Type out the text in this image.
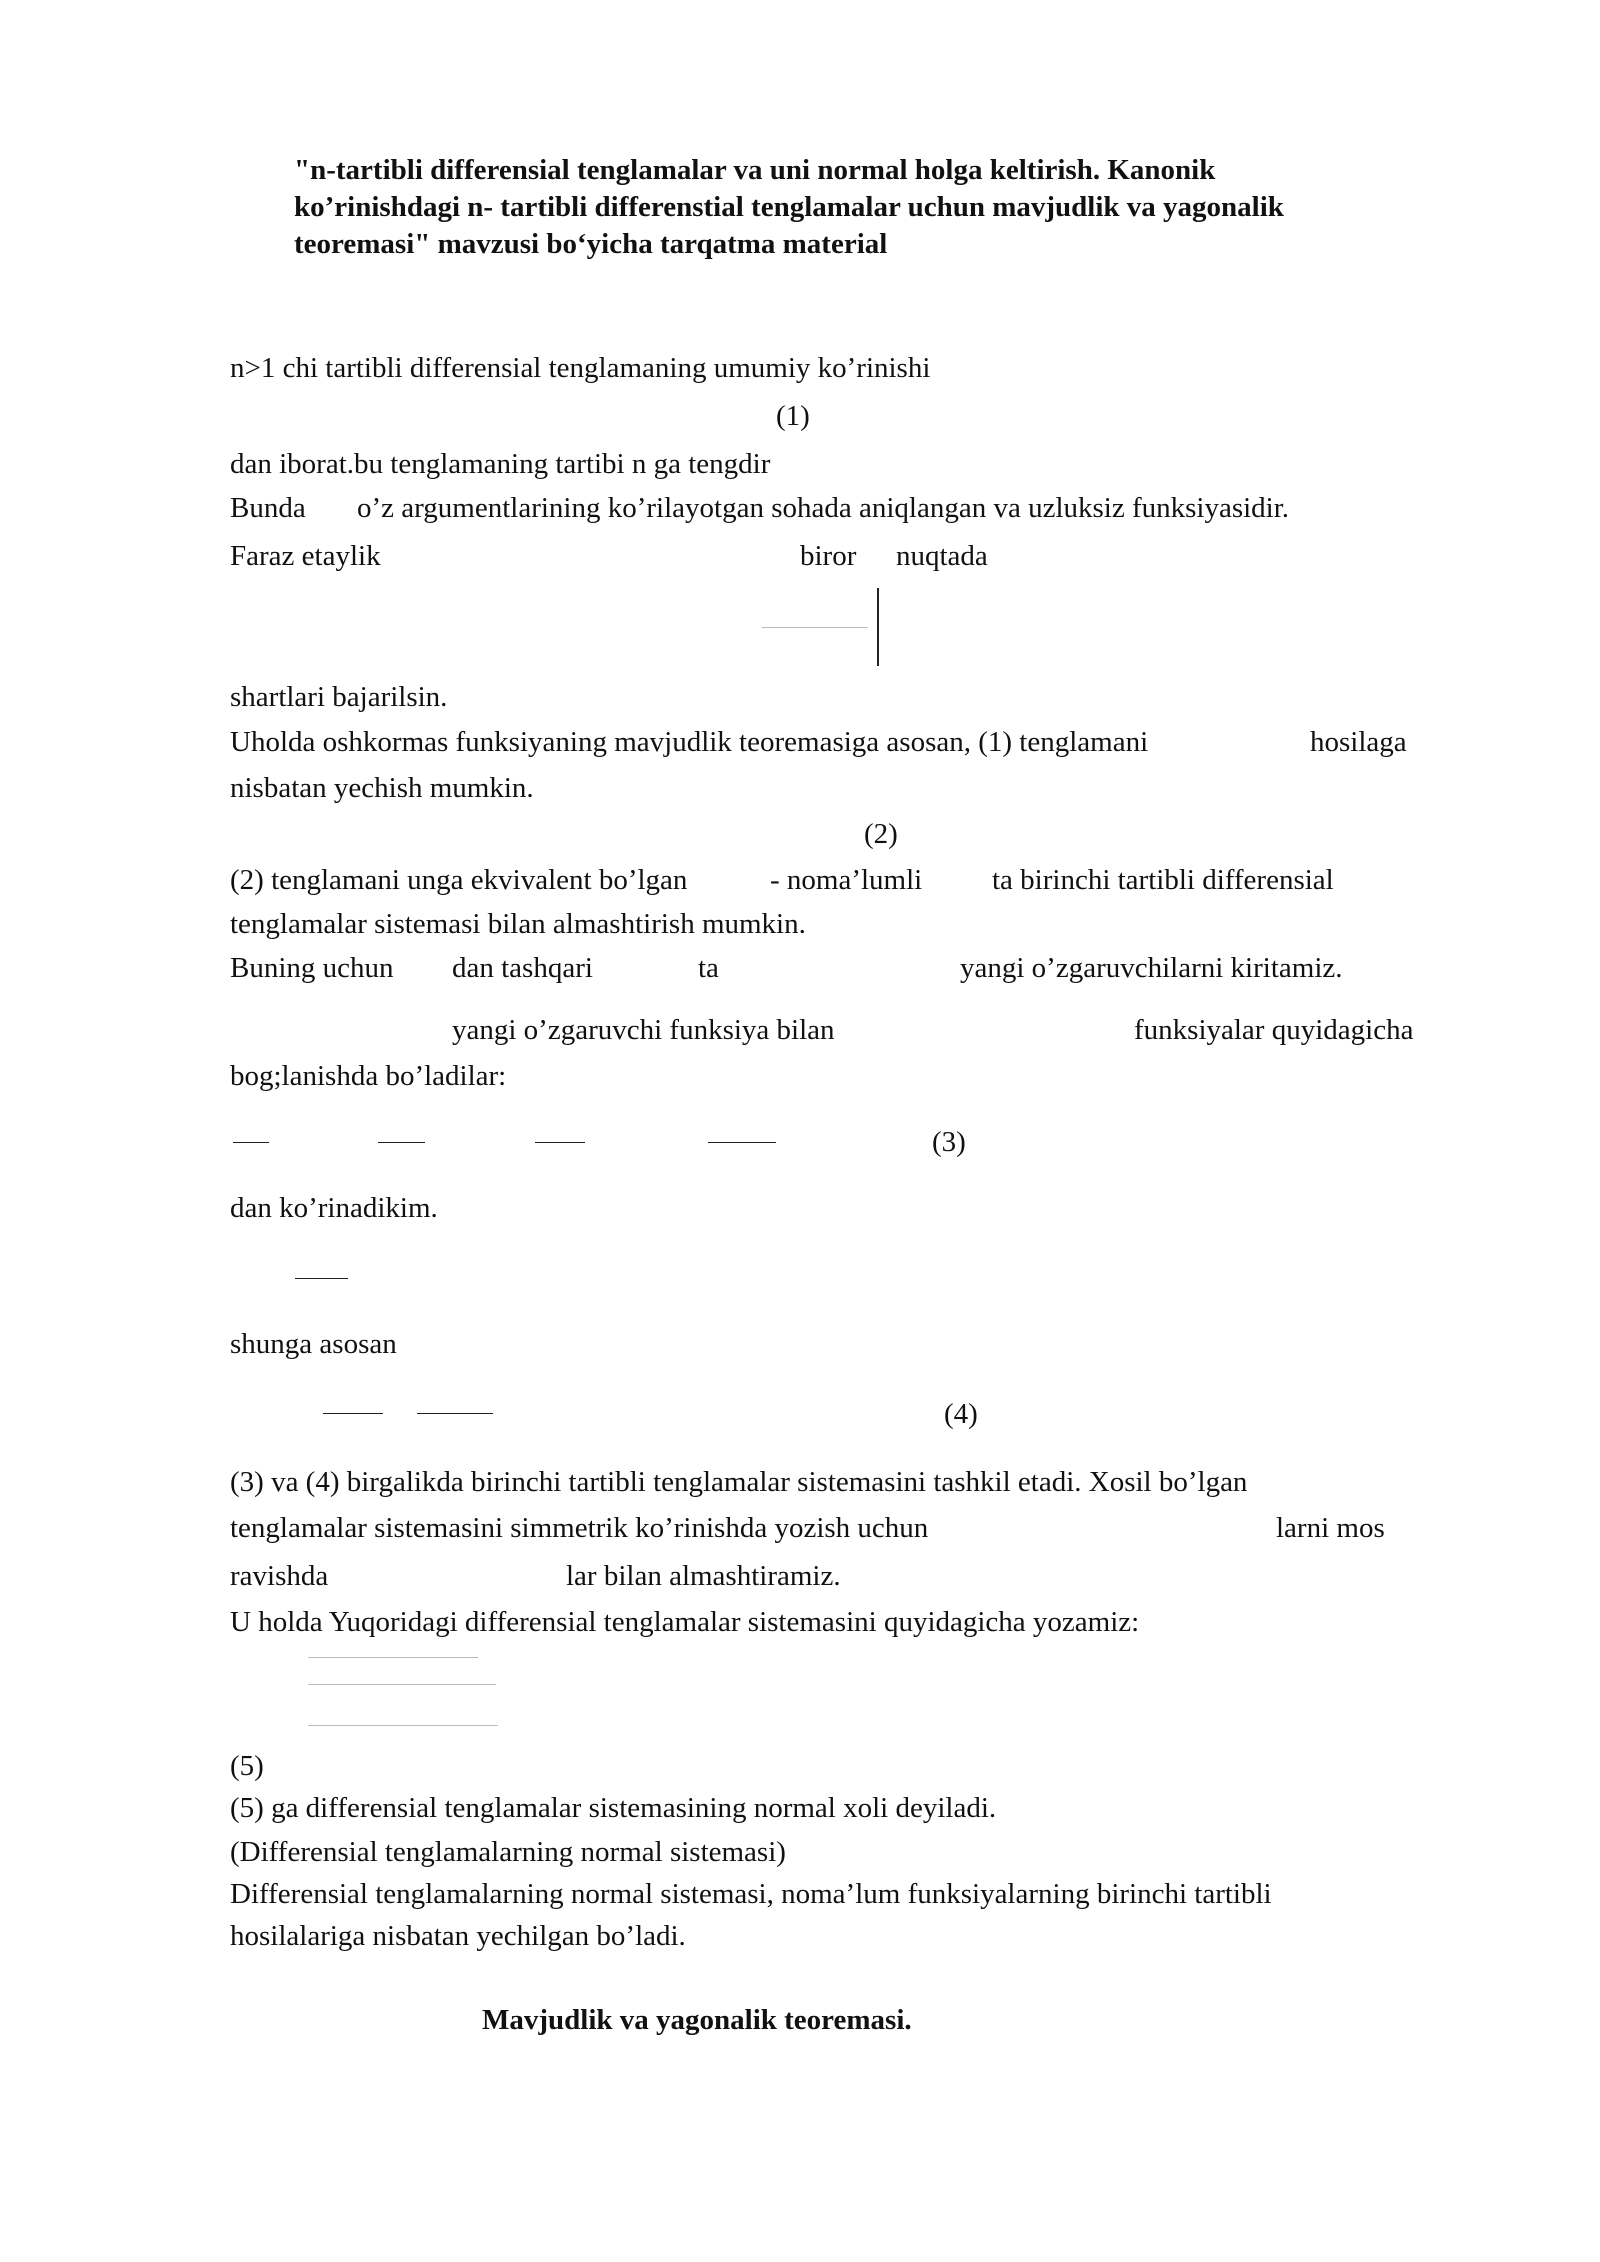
"n-tartibli differensial tenglamalar va uni normal holga keltirish. Kanonik
ko’rinishdagi n- tartibli differenstial tenglamalar uchun mavjudlik va yagonalik
teoremasi" mavzusi bo‘yicha tarqatma material
n>1 chi tartibli differensial tenglamaning umumiy ko’rinishi
(1)
dan iborat.bu tenglamaning tartibi n ga tengdir
Bunda o’z argumentlarining ko’rilayotgan sohada aniqlangan va uzluksiz funksiyasidir.
Faraz etaylik	biror nuqtada
shartlari bajarilsin.
Uholda oshkormas funksiyaning mavjudlik teoremasiga asosan, (1) tenglamani	hosilaga
nisbatan yechish mumkin.
(2)
(2) tenglamani unga ekvivalent bo’lgan	- noma’lumli ta birinchi tartibli differensial
tenglamalar sistemasi bilan almashtirish mumkin.
Buning uchun dan tashqari	ta	yangi o’zgaruvchilarni kiritamiz.
yangi o’zgaruvchi funksiya bilan	funksiyalar quyidagicha
bog;lanishda bo’ladilar:
(3)
dan ko’rinadikim.
shunga asosan
(4)
(3) va (4) birgalikda birinchi tartibli tenglamalar sistemasini tashkil etadi. Xosil bo’lgan
tenglamalar sistemasini simmetrik ko’rinishda yozish uchun	larni mos
ravishda	lar bilan almashtiramiz.
U holda Yuqoridagi differensial tenglamalar sistemasini quyidagicha yozamiz:
(5)
(5) ga differensial tenglamalar sistemasining normal xoli deyiladi.
(Differensial tenglamalarning normal sistemasi)
Differensial tenglamalarning normal sistemasi, noma’lum funksiyalarning birinchi tartibli
hosilalariga nisbatan yechilgan bo’ladi.
Mavjudlik va yagonalik teoremasi.
